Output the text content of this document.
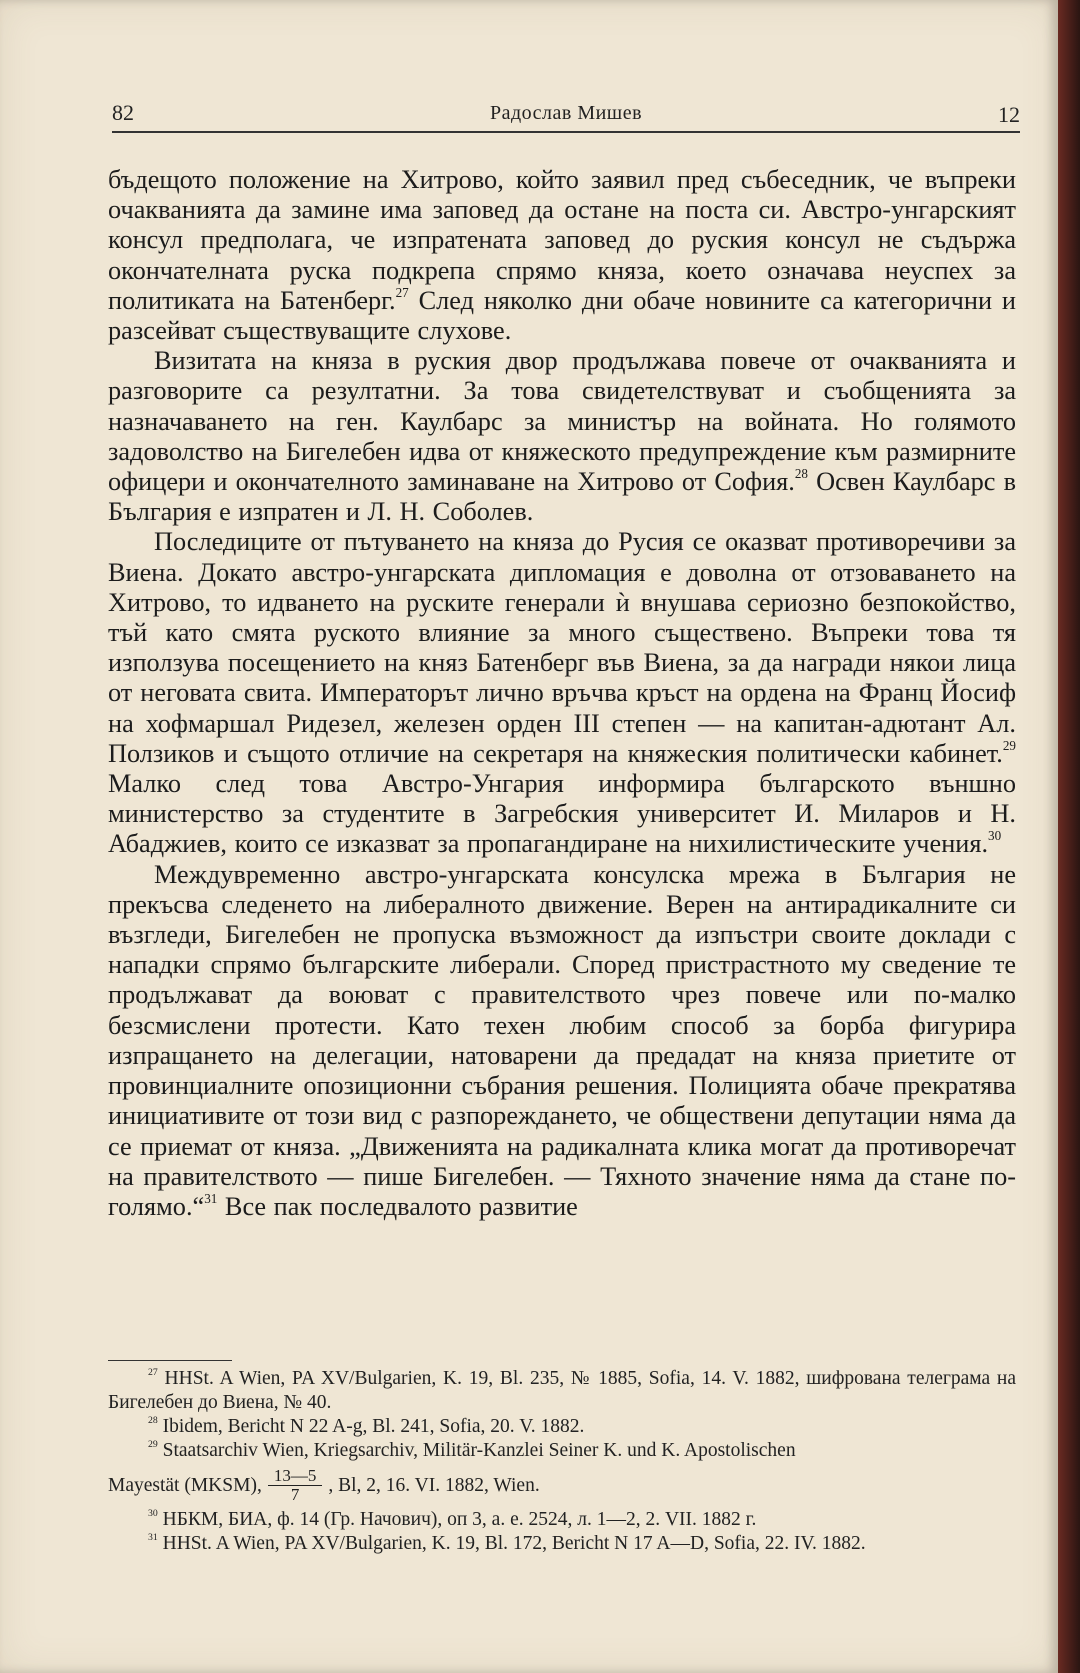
82	Радослав Мишев	12

бъдещото положение на Хитрово, който заявил пред събеседник, че въпреки очакванията да замине има заповед да остане на поста си. Австро-унгарският консул предполага, че изпратената заповед до руския консул не съдържа окончателната руска подкрепа спрямо княза, което означава неуспех за политиката на Батенберг.$^{27}$ След няколко дни обаче новините са категорични и разсейват съществуващите слухове.

Визитата на княза в руския двор продължава повече от очакванията и разговорите са резултатни. За това свидетелствуват и съобщенията за назначаването на ген. Каулбарс за министър на войната. Но голямото задоволство на Бигелебен идва от княжеското предупреждение към размирните офицери и окончателното заминаване на Хитрово от София.$^{28}$ Освен Каулбарс в България е изпратен и Л. Н. Соболев.

Последиците от пътуването на княза до Русия се оказват противоречиви за Виена. Докато австро-унгарската дипломация е доволна от отзоваването на Хитрово, то идването на руските генерали ѝ внушава сериозно безпокойство, тъй като смята руското влияние за много съществено. Въпреки това тя използува посещението на княз Батенберг във Виена, за да награди някои лица от неговата свита. Императорът лично връчва кръст на ордена на Франц Йосиф на хофмаршал Ридезел, железен орден III степен — на капитан-адютант Ал. Ползиков и същото отличие на секретаря на княжеския политически кабинет.$^{29}$ Малко след това Австро-Унгария информира българското външно министерство за студентите в Загребския университет И. Миларов и Н. Абаджиев, които се изказват за пропагандиране на нихилистическите учения.$^{30}$

Междувременно австро-унгарската консулска мрежа в България не прекъсва следенето на либералното движение. Верен на антирадикалните си възгледи, Бигелебен не пропуска възможност да изпъстри своите доклади с нападки спрямо българските либерали. Според пристрастното му сведение те продължават да воюват с правителството чрез повече или по-малко безсмислени протести. Като техен любим способ за борба фигурира изпращането на делегации, натоварени да предадат на княза приетите от провинциалните опозиционни събрания решения. Полицията обаче прекратява инициативите от този вид с разпореждането, че обществени депутации няма да се приемат от княза. „Движенията на радикалната клика могат да противоречат на правителството — пише Бигелебен. — Тяхното значение няма да стане по-голямо.“$^{31}$ Все пак последвалото развитие

$^{27}$ HHSt. A Wien, PA XV/Bulgarien, K. 19, Bl. 235, № 1885, Sofia, 14. V. 1882, шифрована телеграма на Бигелебен до Виена, № 40.

$^{28}$ Ibidem, Bericht N 22 A-g, Bl. 241, Sofia, 20. V. 1882.

$^{29}$ Staatsarchiv Wien, Kriegsarchiv, Militär-Kanzlei Seiner K. und K. Apostolischen

Mayestät (MKSM), $\frac{13—5}{7}$ , Bl, 2, 16. VI. 1882, Wien.

$^{30}$ НБКМ, БИА, ф. 14 (Гр. Начович), оп 3, а. е. 2524, л. 1—2, 2. VII. 1882 г.

$^{31}$ HHSt. A Wien, PA XV/Bulgarien, K. 19, Bl. 172, Bericht N 17 A—D, Sofia, 22. IV. 1882.
